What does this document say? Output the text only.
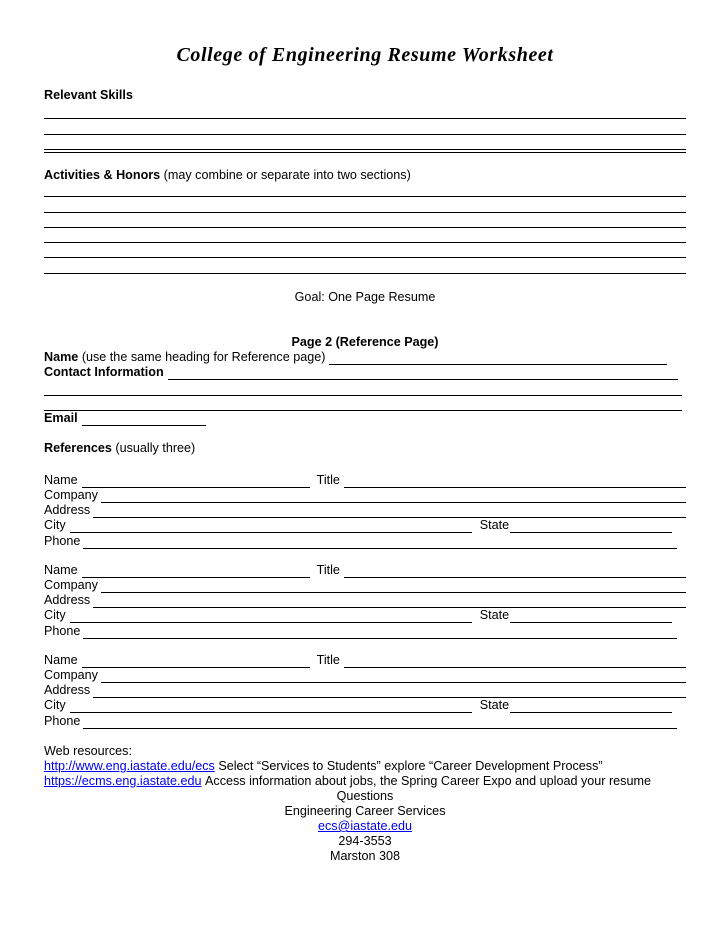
College of Engineering Resume Worksheet
Relevant Skills
Activities & Honors
(may combine or separate into two sections)
Goal: One Page Resume
Page 2 (Reference Page)
Name
(use the same heading for Reference page)
Contact Information
Email
References
(usually three)
Name	Title
Company
Address
City	State
Phone
Name	Title
Company
Address
City	State
Phone
Name	Title
Company
Address
City	State
Phone
Web resources:
http://www.eng.iastate.edu/ecs
Select “Services to Students” explore “Career Development Process”
https://ecms.eng.iastate.edu
Access information about jobs, the Spring Career Expo and upload your resume
Questions
Engineering Career Services
ecs@iastate.edu
294-3553
Marston 308
